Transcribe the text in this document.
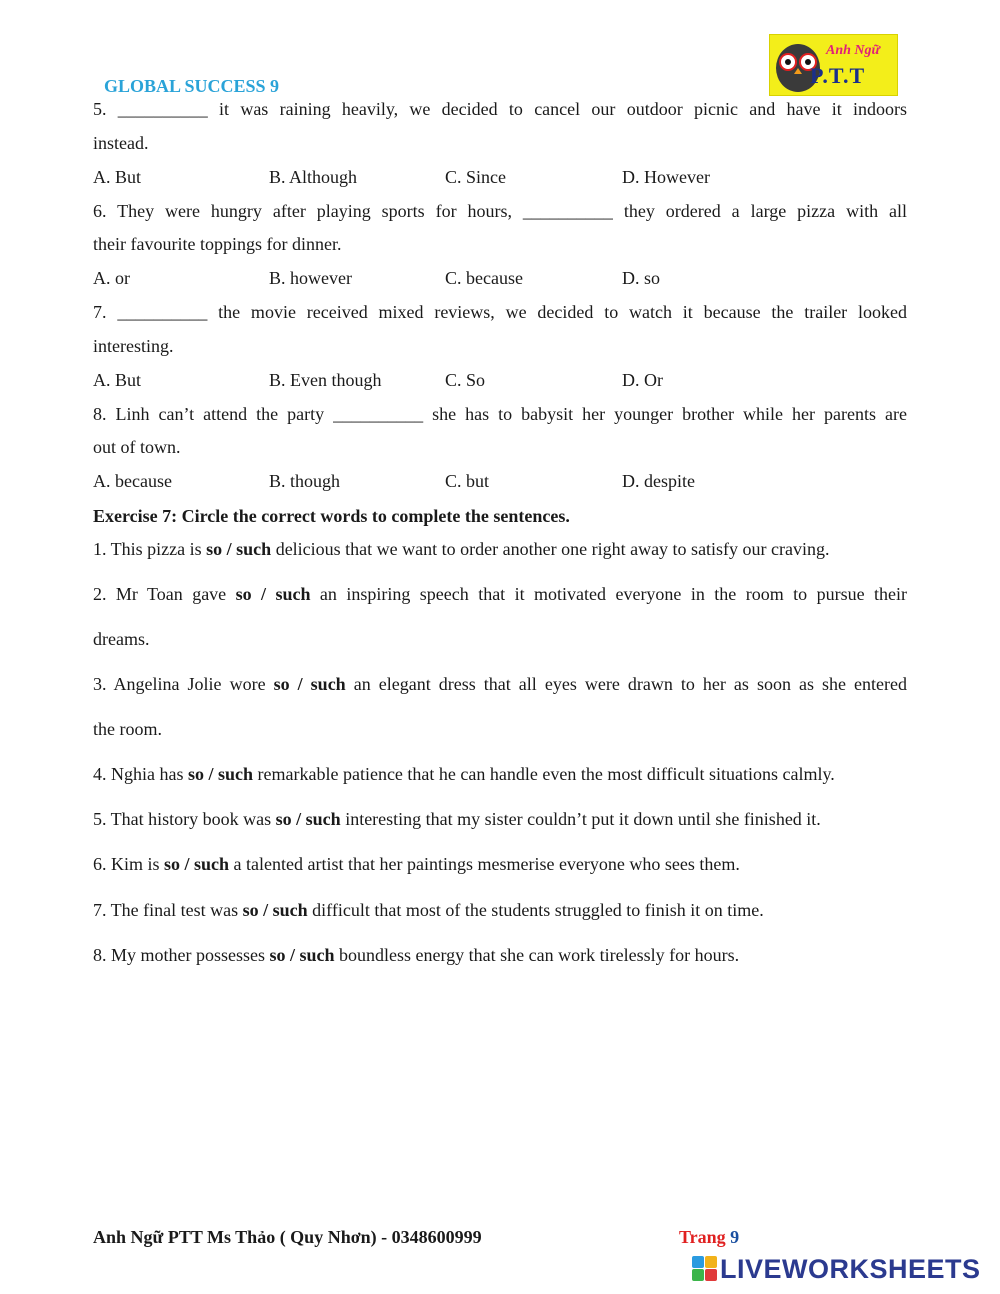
GLOBAL SUCCESS 9
Anh Ngữ
P.T.T
5. __________ it was raining heavily, we decided to cancel our outdoor picnic and have it indoors
instead.
A. But	B. Although	C. Since	D. However
6. They were hungry after playing sports for hours, __________ they ordered a large pizza with all
their favourite toppings for dinner.
A. or	B. however	C. because	D. so
7. __________ the movie received mixed reviews, we decided to watch it because the trailer looked
interesting.
A. But	B. Even though	C. So	D. Or
8. Linh can’t attend the party __________ she has to babysit her younger brother while her parents are
out of town.
A. because	B. though	C. but	D. despite
Exercise 7: Circle the correct words to complete the sentences.
1. This pizza is so / such delicious that we want to order another one right away to satisfy our craving.
2. Mr Toan gave so / such an inspiring speech that it motivated everyone in the room to pursue their
dreams.
3. Angelina Jolie wore so / such an elegant dress that all eyes were drawn to her as soon as she entered
the room.
4. Nghia has so / such remarkable patience that he can handle even the most difficult situations calmly.
5. That history book was so / such interesting that my sister couldn’t put it down until she finished it.
6. Kim is so / such a talented artist that her paintings mesmerise everyone who sees them.
7. The final test was so / such difficult that most of the students struggled to finish it on time.
8. My mother possesses so / such boundless energy that she can work tirelessly for hours.
Anh Ngữ PTT Ms Thảo ( Quy Nhơn) - 0348600999	Trang 9
LIVEWORKSHEETS
